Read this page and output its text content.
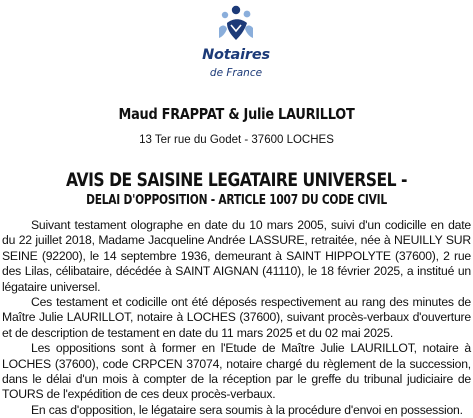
Notaires
de France
Maud FRAPPAT & Julie LAURILLOT
13 Ter rue du Godet - 37600 LOCHES
AVIS DE SAISINE LEGATAIRE UNIVERSEL -
DELAI D'OPPOSITION - ARTICLE 1007 DU CODE CIVIL

Suivant testament olographe en date du 10 mars 2005, suivi d'un codicille en date du 22 juillet 2018, Madame Jacqueline Andrée LASSURE, retraitée, née à NEUILLY SUR SEINE (92200), le 14 septembre 1936, demeurant à SAINT HIPPOLYTE (37600), 2 rue des Lilas, célibataire, décédée à SAINT AIGNAN (41110), le 18 février 2025, a institué un légataire universel.

Ces testament et codicille ont été déposés respectivement au rang des minutes de Maître Julie LAURILLOT, notaire à LOCHES (37600), suivant procès-verbaux d'ouverture et de description de testament en date du 11 mars 2025 et du 02 mai 2025.

Les oppositions sont à former en l'Etude de Maître Julie LAURILLOT, notaire à LOCHES (37600), code CRPCEN 37074, notaire chargé du règlement de la succession, dans le délai d'un mois à compter de la réception par le greffe du tribunal judiciaire de TOURS de l'expédition de ces deux procès-verbaux.

En cas d'opposition, le légataire sera soumis à la procédure d'envoi en possession.
